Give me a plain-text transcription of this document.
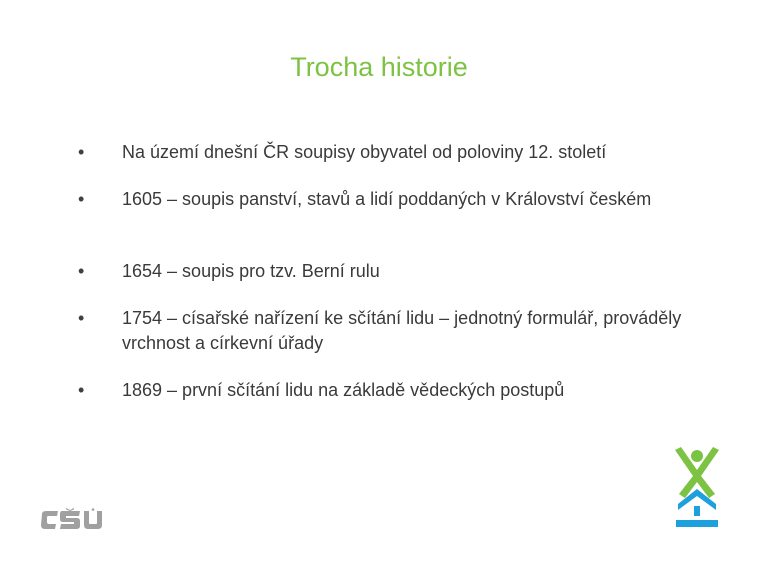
Trocha historie
• Na území dnešní ČR soupisy obyvatel od poloviny 12. století
• 1605 – soupis panství, stavů a lidí poddaných v Království českém
• 1654 – soupis pro tzv. Berní rulu
• 1754 – císařské nařízení ke sčítání lidu – jednotný formulář, prováděly vrchnost a církevní úřady
• 1869 – první sčítání lidu na základě vědeckých postupů
